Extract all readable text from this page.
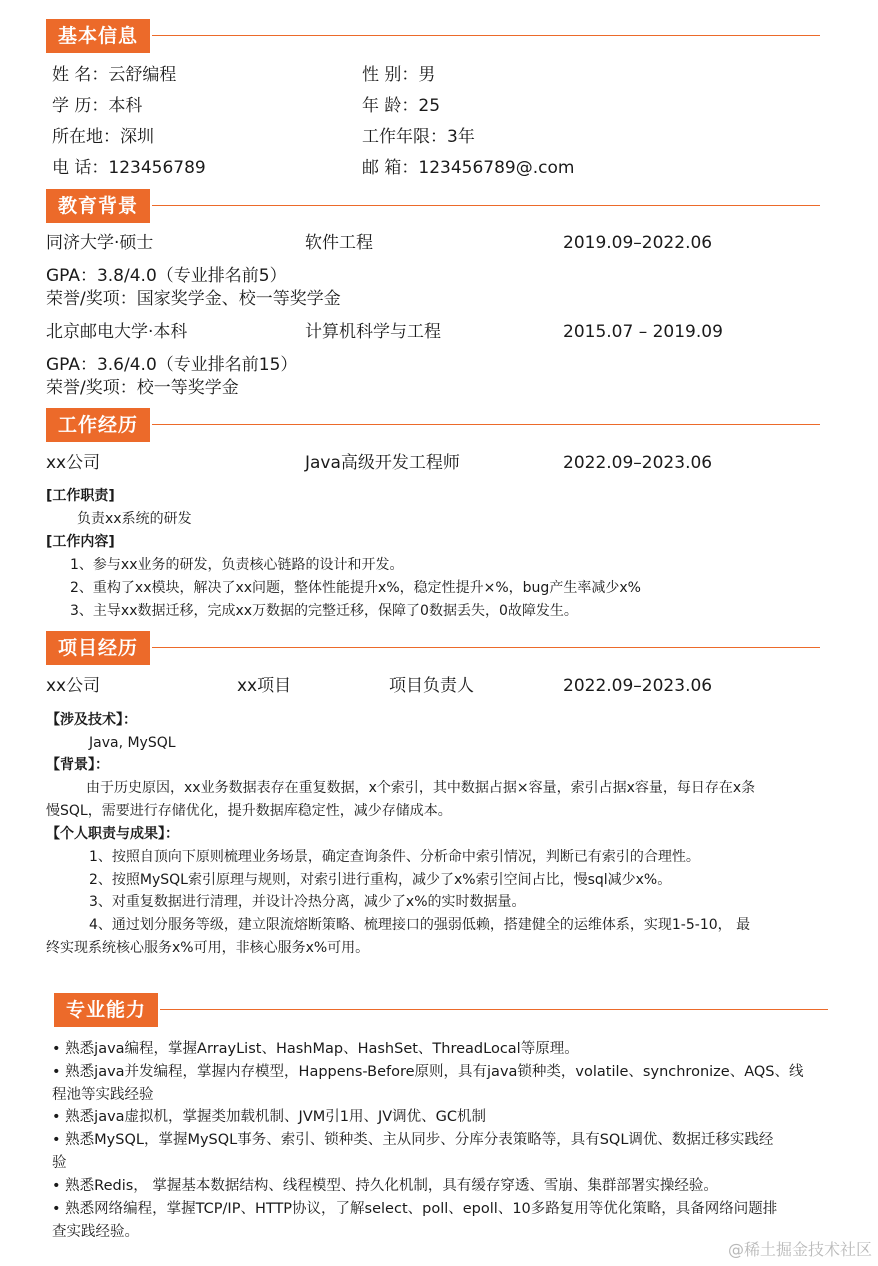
基本信息
姓 名：云舒编程	性 别：男
学 历：本科	年 龄：25
所在地：深圳	工作年限：3年
电 话：123456789	邮 箱：123456789@.com
教育背景
同济大学·硕士	软件工程	2019.09–2022.06
GPA：3.8/4.0（专业排名前5）
荣誉/奖项：国家奖学金、校一等奖学金
北京邮电大学·本科	计算机科学与工程	2015.07 – 2019.09
GPA：3.6/4.0（专业排名前15）
荣誉/奖项：校一等奖学金
工作经历
xx公司	Java高级开发工程师	2022.09–2023.06
[工作职责]
负责xx系统的研发
[工作内容]
1、参与xx业务的研发，负责核心链路的设计和开发。
2、重构了xx模块，解决了xx问题，整体性能提升x%，稳定性提升×%，bug产生率减少x%
3、主导xx数据迁移，完成xx万数据的完整迁移，保障了0数据丢失，0故障发生。
项目经历
xx公司	xx项目	项目负责人	2022.09–2023.06
【涉及技术】：
Java, MySQL
【背景】：
由于历史原因，xx业务数据表存在重复数据，x个索引，其中数据占据×容量，索引占据x容量，每日存在x条
慢SQL，需要进行存储优化，提升数据库稳定性，减少存储成本。
【个人职责与成果】：
1、按照自顶向下原则梳理业务场景，确定查询条件、分析命中索引情况，判断已有索引的合理性。
2、按照MySQL索引原理与规则，对索引进行重构，减少了x%索引空间占比，慢sql减少x%。
3、对重复数据进行清理，并设计冷热分离，减少了x%的实时数据量。
4、通过划分服务等级，建立限流熔断策略、梳理接口的强弱低赖，搭建健全的运维体系，实现1-5-10， 最
终实现系统核心服务x%可用，非核心服务x%可用。
专业能力
• 熟悉java编程，掌握ArrayList、HashMap、HashSet、ThreadLocal等原理。
• 熟悉java并发编程，掌握内存模型，Happens-Before原则，具有java锁种类，volatile、synchronize、AQS、线
程池等实践经验
• 熟悉java虚拟机，掌握类加载机制、JVM引1用、JV调优、GC机制
• 熟悉MySQL，掌握MySQL事务、索引、锁种类、主从同步、分库分表策略等，具有SQL调优、数据迁移实践经
验
• 熟悉Redis， 掌握基本数据结构、线程模型、持久化机制，具有缓存穿透、雪崩、集群部署实操经验。
• 熟悉网络编程，掌握TCP/IP、HTTP协议，了解select、poll、epoll、10多路复用等优化策略，具备网络问题排
查实践经验。
@稀土掘金技术社区
